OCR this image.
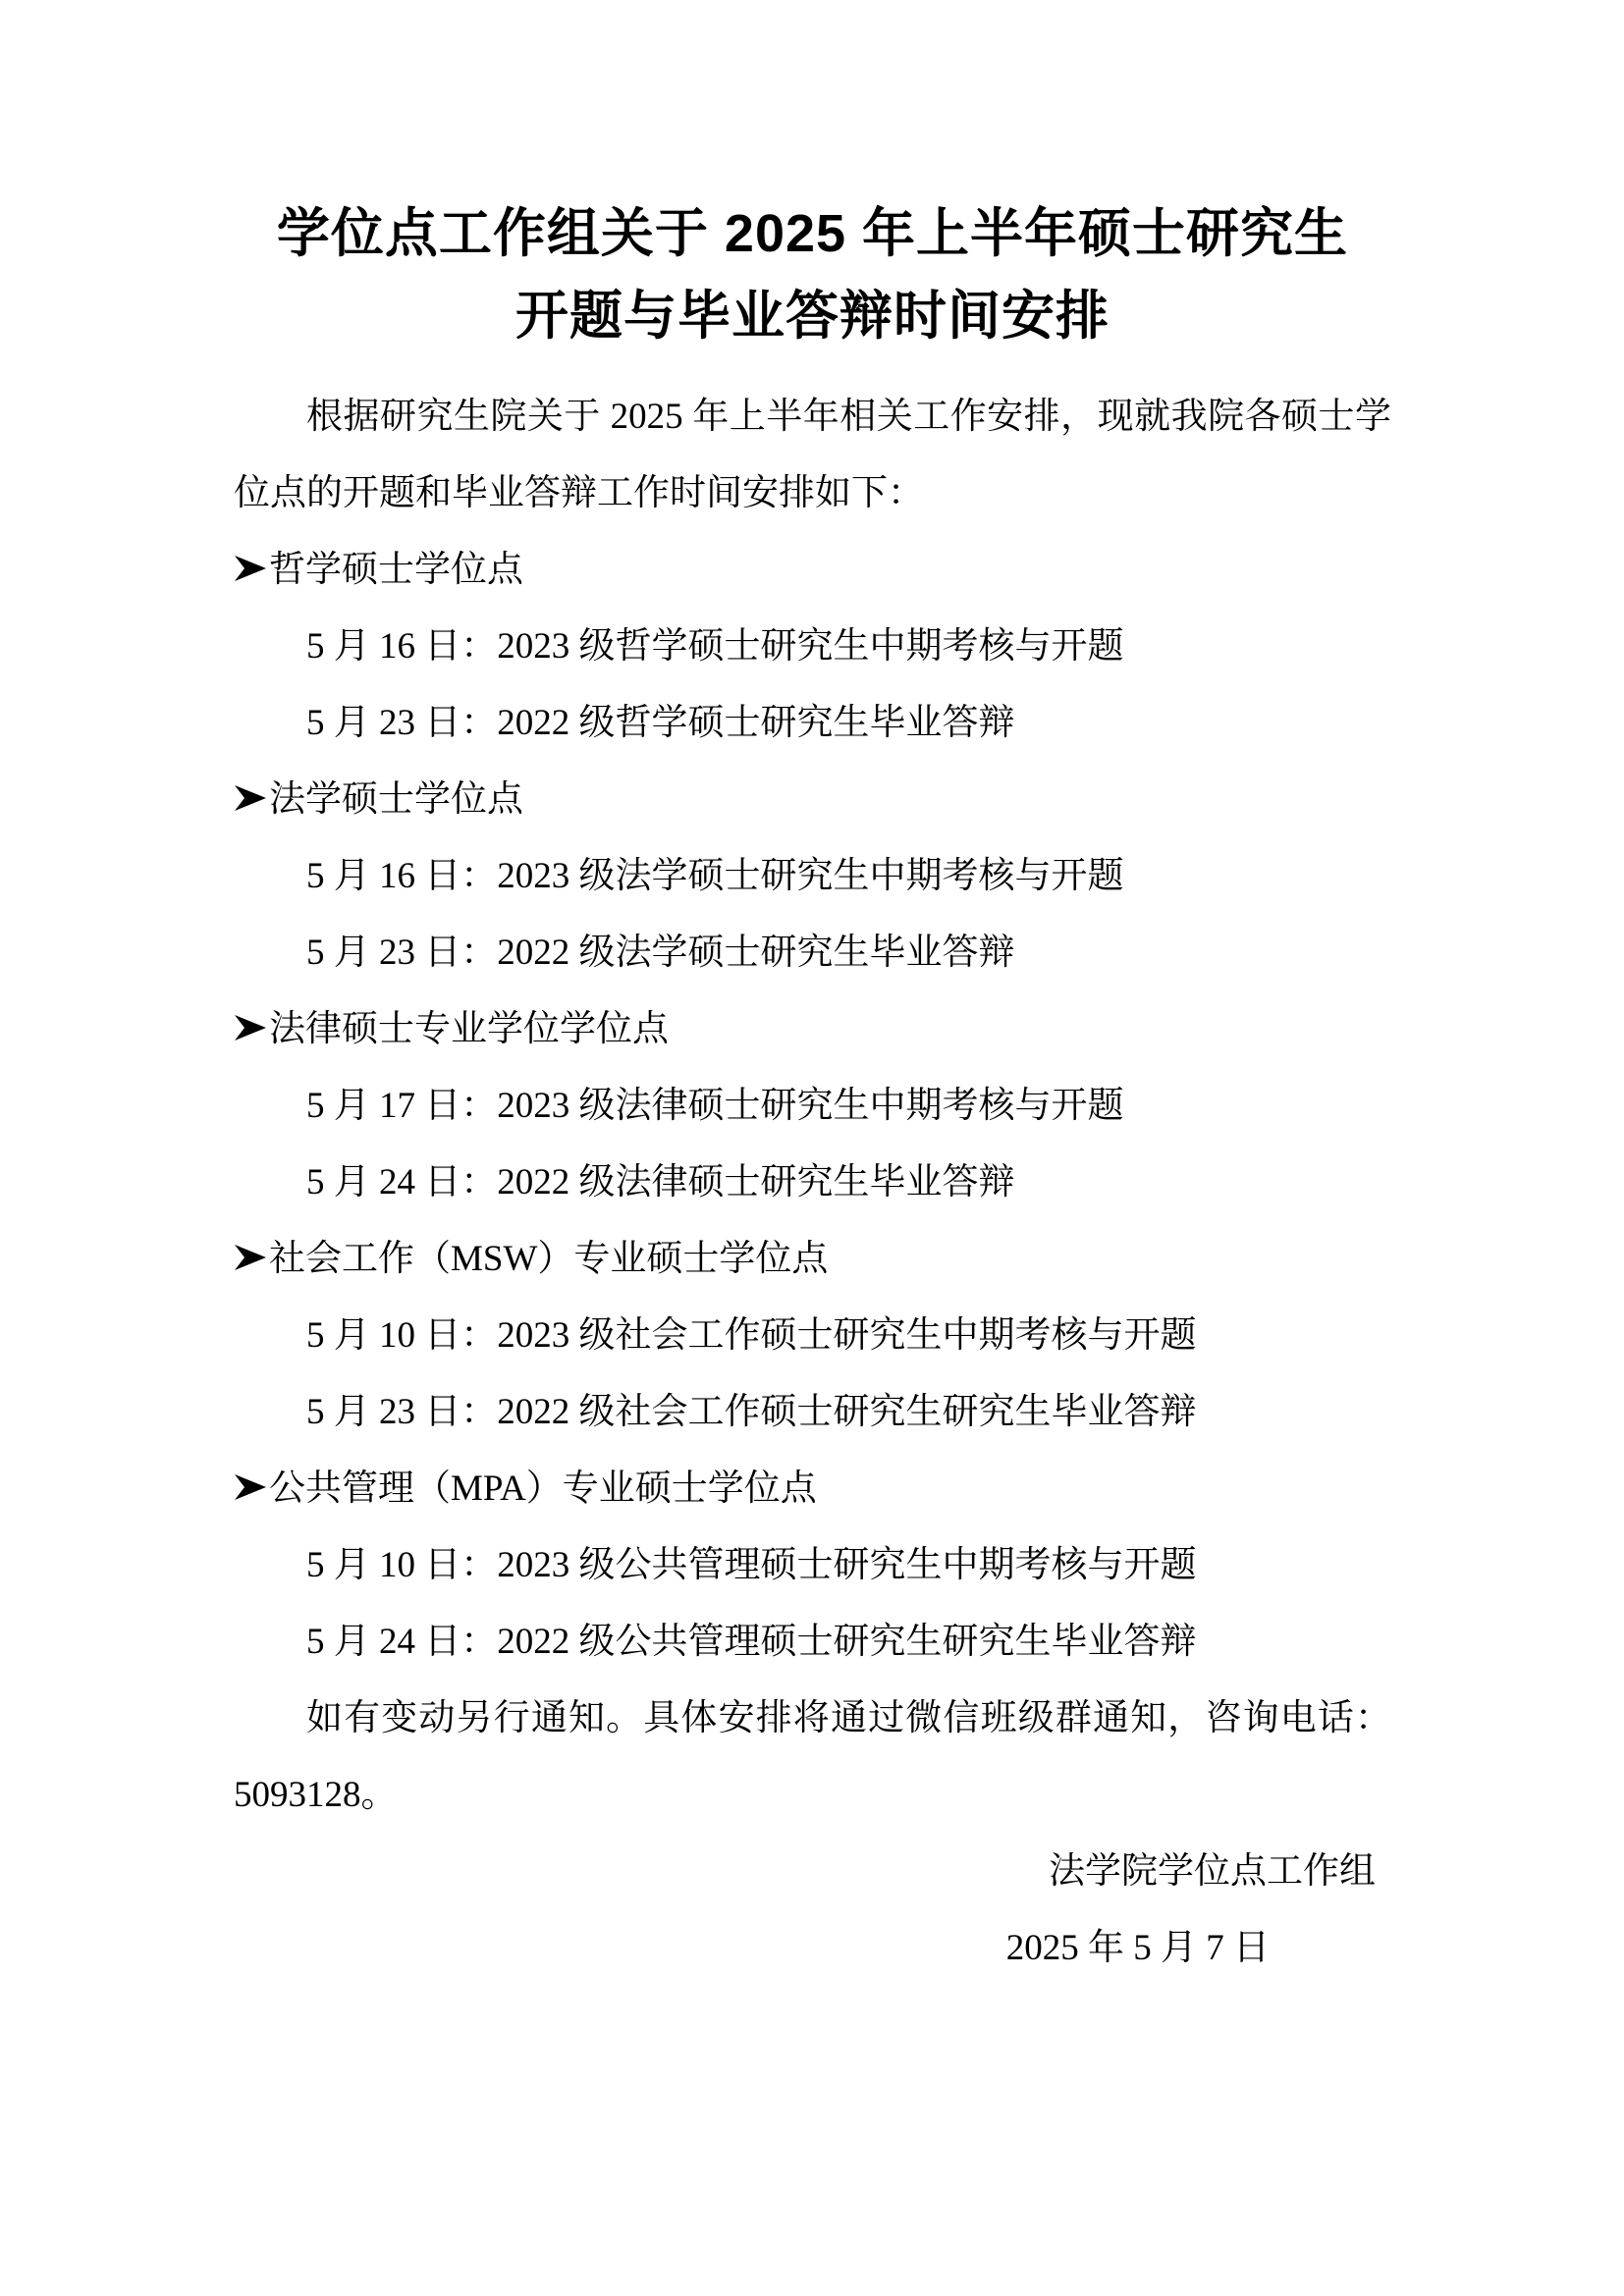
学位点工作组关于 2025 年上半年硕士研究生
开题与毕业答辩时间安排

根据研究生院关于 2025 年上半年相关工作安排，现就我院各硕士学位点的开题和毕业答辩工作时间安排如下：

哲学硕士学位点

5 月 16 日：2023 级哲学硕士研究生中期考核与开题

5 月 23 日：2022 级哲学硕士研究生毕业答辩

法学硕士学位点

5 月 16 日：2023 级法学硕士研究生中期考核与开题

5 月 23 日：2022 级法学硕士研究生毕业答辩

法律硕士专业学位学位点

5 月 17 日：2023 级法律硕士研究生中期考核与开题

5 月 24 日：2022 级法律硕士研究生毕业答辩

社会工作（MSW）专业硕士学位点

5 月 10 日：2023 级社会工作硕士研究生中期考核与开题

5 月 23 日：2022 级社会工作硕士研究生研究生毕业答辩

公共管理（MPA）专业硕士学位点

5 月 10 日：2023 级公共管理硕士研究生中期考核与开题

5 月 24 日：2022 级公共管理硕士研究生研究生毕业答辩

如有变动另行通知。具体安排将通过微信班级群通知，咨询电话：5093128。

法学院学位点工作组

2025 年 5 月 7 日
